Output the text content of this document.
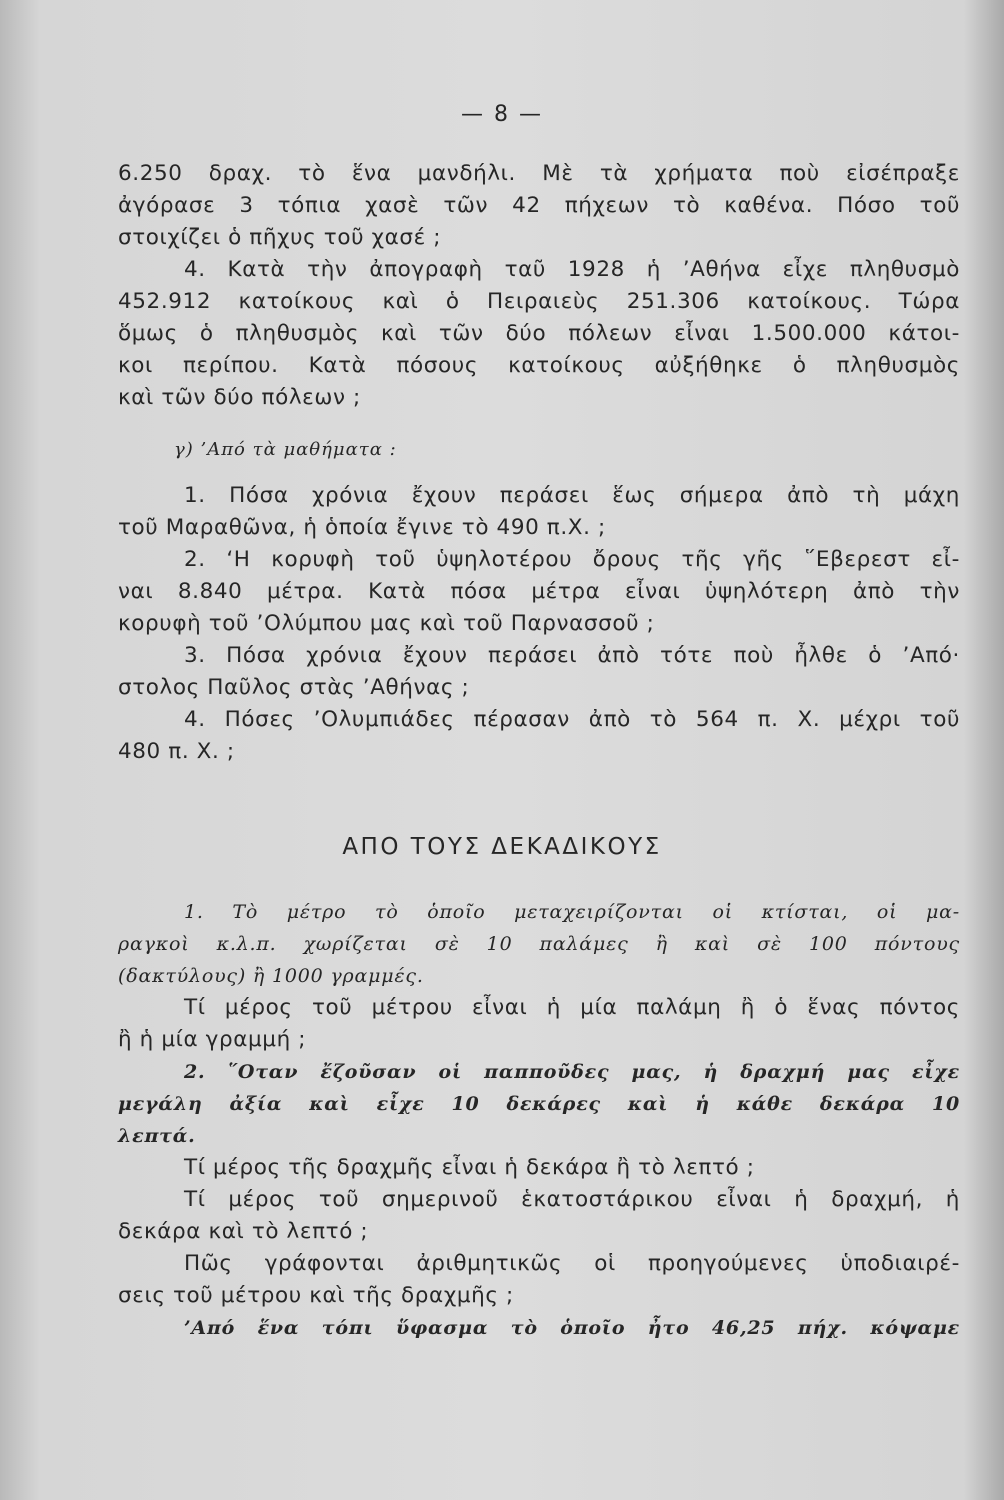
— 8 —
6.250 δραχ. τὸ ἕνα μανδήλι. Μὲ τὰ χρήματα ποὺ εἰσέπραξε
ἀγόρασε 3 τόπια χασὲ τῶν 42 πήχεων τὸ καθένα. Πόσο τοῦ
στοιχίζει ὁ πῆχυς τοῦ χασέ ;
4. Κατὰ τὴν ἀπογραφὴ ταῦ 1928 ἡ ’Αθήνα εἶχε πληθυσμὸ
452.912 κατοίκους καὶ ὁ Πειραιεὺς 251.306 κατοίκους. Τώρα
ὅμως ὁ πληθυσμὸς καὶ τῶν δύο πόλεων εἶναι 1.500.000 κάτοι-
κοι περίπου. Κατὰ πόσους κατοίκους αὐξήθηκε ὁ πληθυσμὸς
καὶ τῶν δύο πόλεων ;
γ) ’Από τὰ μαθήματα :
1. Πόσα χρόνια ἔχουν περάσει ἕως σήμερα ἀπὸ τὴ μάχη
τοῦ Μαραθῶνα, ἡ ὁποία ἔγινε τὸ 490 π.Χ. ;
2. ‘Η κορυφὴ τοῦ ὑψηλοτέρου ὄρους τῆς γῆς ῞Εβερεστ εἶ-
ναι 8.840 μέτρα. Κατὰ πόσα μέτρα εἶναι ὑψηλότερη ἀπὸ τὴν
κορυφὴ τοῦ ’Ολύμπου μας καὶ τοῦ Παρνασσοῦ ;
3. Πόσα χρόνια ἔχουν περάσει ἀπὸ τότε ποὺ ἦλθε ὁ ’Από·
στολος Παῦλος στὰς ’Αθήνας ;
4. Πόσες ’Ολυμπιάδες πέρασαν ἀπὸ τὸ 564 π. Χ. μέχρι τοῦ
480 π. Χ. ;
ΑΠΟ ΤΟΥΣ ΔΕΚΑΔΙΚΟΥΣ
1. Τὸ μέτρο τὸ ὁποῖο μεταχειρίζονται οἱ κτίσται, οἱ μα-
ραγκοὶ κ.λ.π. χωρίζεται σὲ 10 παλάμες ἢ καὶ σὲ 100 πόντους
(δακτύλους) ἢ 1000 γραμμές.
Τί μέρος τοῦ μέτρου εἶναι ἡ μία παλάμη ἢ ὁ ἕνας πόντος
ἢ ἡ μία γραμμή ;
2. ῞Οταν ἔζοῦσαν οἱ παπποῦδες μας, ἡ δραχμή μας εἶχε
μεγάλη ἀξία καὶ εἶχε 10 δεκάρες καὶ ἡ κάθε δεκάρα 10
λεπτά.
Τί μέρος τῆς δραχμῆς εἶναι ἡ δεκάρα ἢ τὸ λεπτό ;
Τί μέρος τοῦ σημερινοῦ ἑκατοστάρικου εἶναι ἡ δραχμή, ἡ
δεκάρα καὶ τὸ λεπτό ;
Πῶς γράφονται ἀριθμητικῶς οἱ προηγούμενες ὑποδιαιρέ-
σεις τοῦ μέτρου καὶ τῆς δραχμῆς ;
’Από ἕνα τόπι ὕφασμα τὸ ὁποῖο ἦτο 46,25 πήχ. κόψαμε
